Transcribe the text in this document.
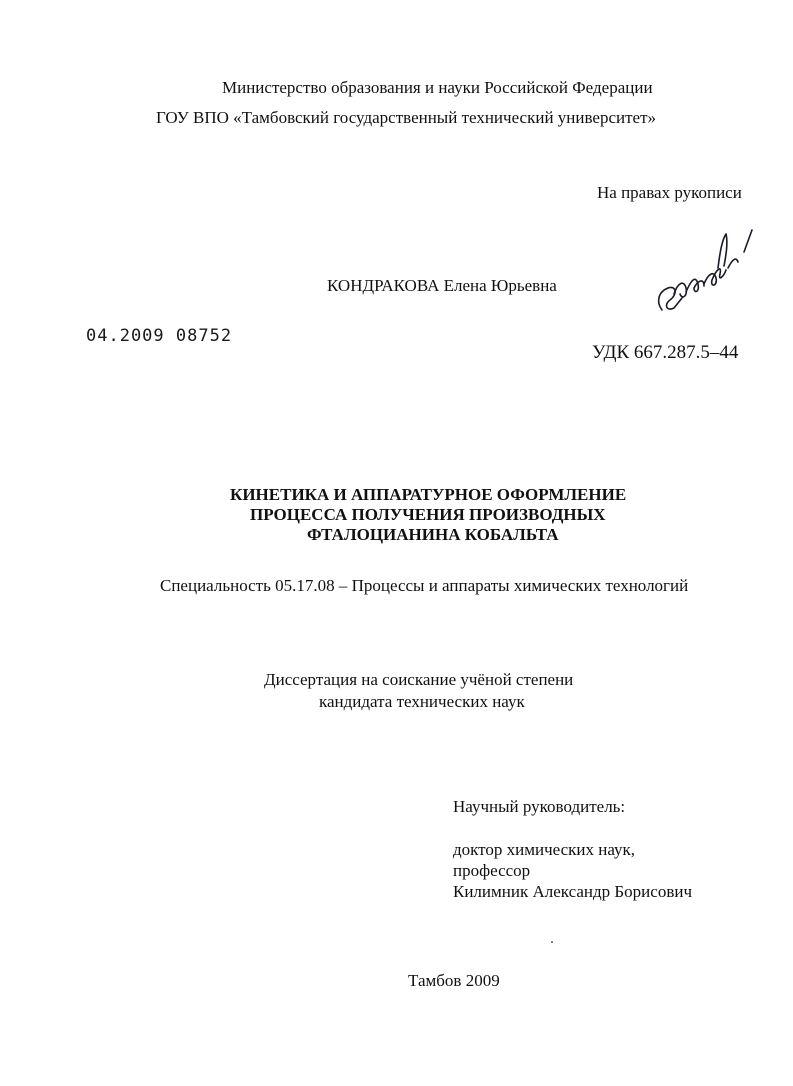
Министерство образования и науки Российской Федерации
ГОУ ВПО «Тамбовский государственный технический университет»
На правах рукописи
КОНДРАКОВА Елена Юрьевна
04.2009 08752
УДК 667.287.5–44
КИНЕТИКА И АППАРАТУРНОЕ ОФОРМЛЕНИЕ
ПРОЦЕССА ПОЛУЧЕНИЯ ПРОИЗВОДНЫХ
ФТАЛОЦИАНИНА КОБАЛЬТА
Специальность 05.17.08 – Процессы и аппараты химических технологий
Диссертация на соискание учёной степени
кандидата технических наук
Научный руководитель:
доктор химических наук,
профессор
Килимник Александр Борисович
Тамбов 2009
